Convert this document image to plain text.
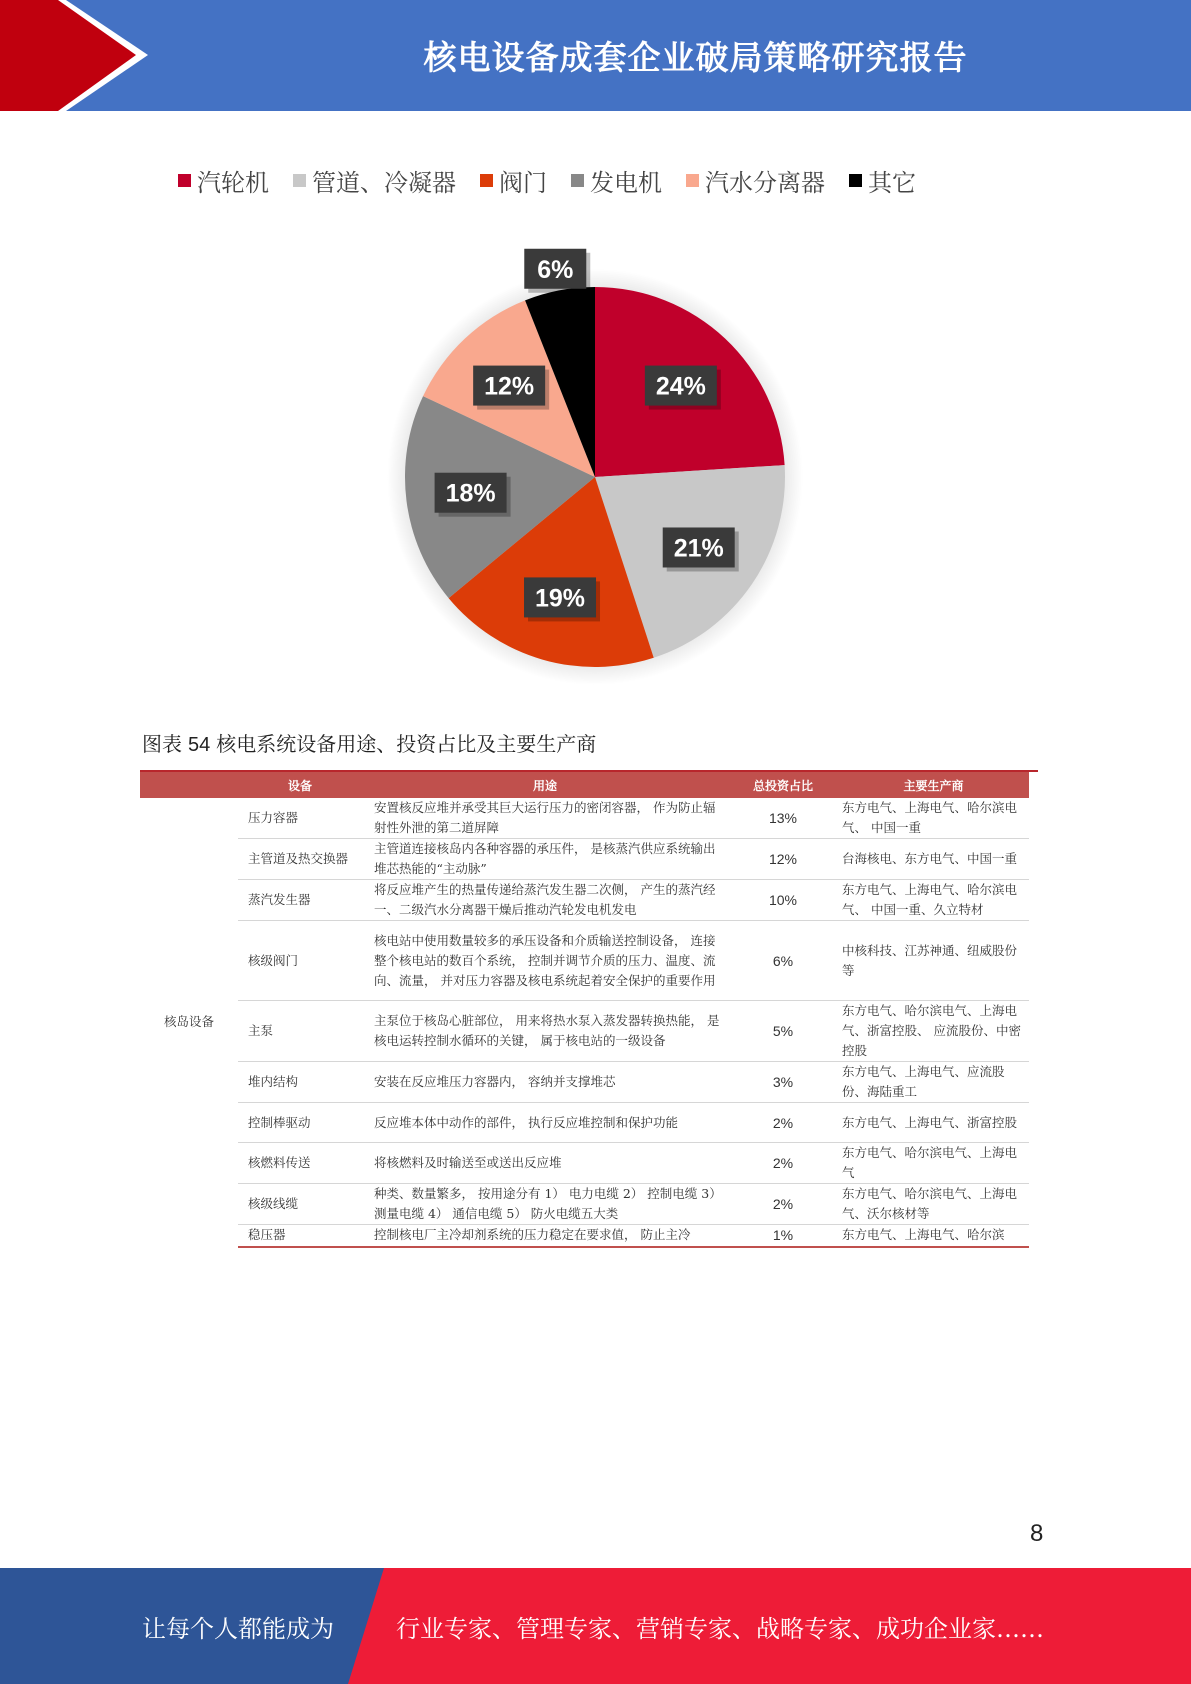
核电设备成套企业破局策略研究报告
汽轮机 管道、冷凝器 阀门 发电机 汽水分离器 其它
24%
21%
19%
18%
12%
6%
图表 54 核电系统设备用途、投资占比及主要生产商
	设备	用途	总投资占比	主要生产商
核岛设备	压力容器	安置核反应堆并承受其巨大运行压力的密闭容器， 作为防止辐射性外泄的第二道屏障	13%	东方电气、上海电气、哈尔滨电气、 中国一重
	主管道及热交换器	主管道连接核岛内各种容器的承压件， 是核蒸汽供应系统输出堆芯热能的“主动脉”	12%	台海核电、东方电气、中国一重
	蒸汽发生器	将反应堆产生的热量传递给蒸汽发生器二次侧， 产生的蒸汽经一、二级汽水分离器干燥后推动汽轮发电机发电	10%	东方电气、上海电气、哈尔滨电气、 中国一重、久立特材
	核级阀门	核电站中使用数量较多的承压设备和介质输送控制设备， 连接整个核电站的数百个系统， 控制并调节介质的压力、温度、流向、流量， 并对压力容器及核电系统起着安全保护的重要作用	6%	中核科技、江苏神通、纽威股份等
	主泵	主泵位于核岛心脏部位， 用来将热水泵入蒸发器转换热能， 是核电运转控制水循环的关键， 属于核电站的一级设备	5%	东方电气、哈尔滨电气、上海电气、浙富控股、 应流股份、中密控股
	堆内结构	安装在反应堆压力容器内， 容纳并支撑堆芯	3%	东方电气、上海电气、应流股份、海陆重工
	控制棒驱动	反应堆本体中动作的部件， 执行反应堆控制和保护功能	2%	东方电气、上海电气、浙富控股
	核燃料传送	将核燃料及时输送至或送出反应堆	2%	东方电气、哈尔滨电气、上海电气
	核级线缆	种类、数量繁多， 按用途分有 1） 电力电缆 2） 控制电缆 3） 测量电缆 4） 通信电缆 5） 防火电缆五大类	2%	东方电气、哈尔滨电气、上海电气、沃尔核材等
	稳压器	控制核电厂主冷却剂系统的压力稳定在要求值， 防止主冷	1%	东方电气、上海电气、哈尔滨
8
让每个人都能成为	行业专家、管理专家、营销专家、战略专家、成功企业家……
